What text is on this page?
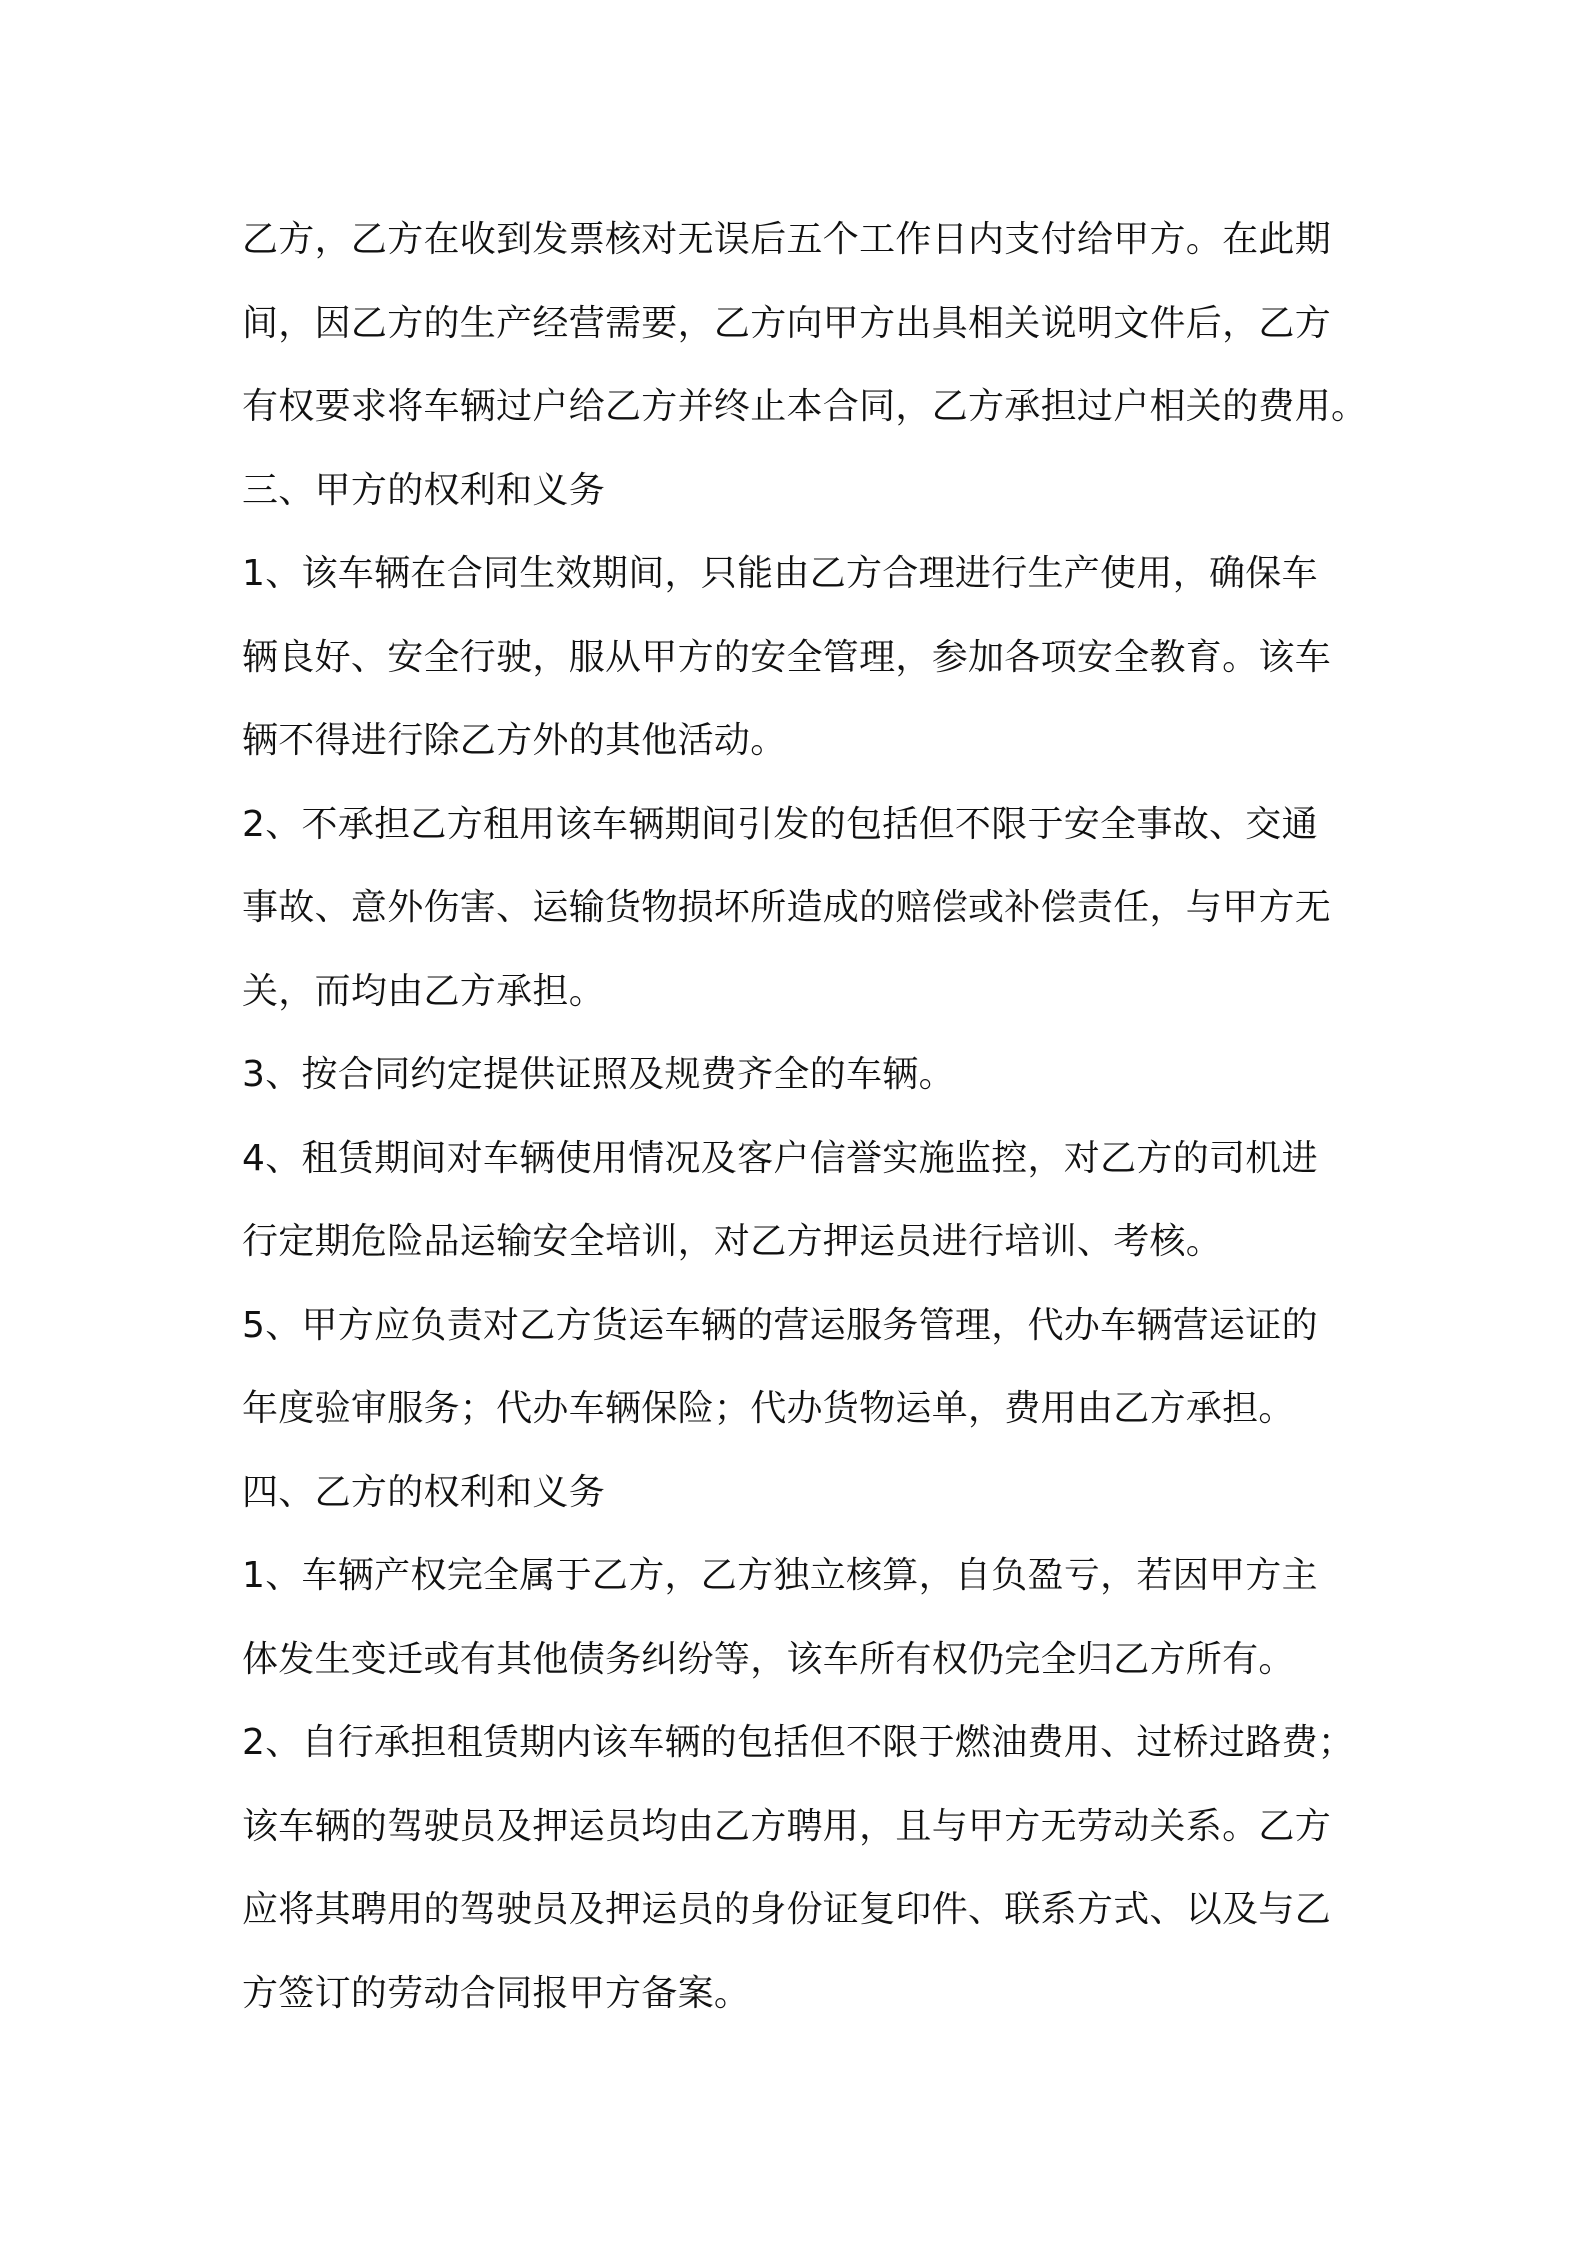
乙方，乙方在收到发票核对无误后五个工作日内支付给甲方。在此期
间，因乙方的生产经营需要，乙方向甲方出具相关说明文件后，乙方
有权要求将车辆过户给乙方并终止本合同，乙方承担过户相关的费用。
三、甲方的权利和义务
1、该车辆在合同生效期间，只能由乙方合理进行生产使用，确保车
辆良好、安全行驶，服从甲方的安全管理，参加各项安全教育。该车
辆不得进行除乙方外的其他活动。
2、不承担乙方租用该车辆期间引发的包括但不限于安全事故、交通
事故、意外伤害、运输货物损坏所造成的赔偿或补偿责任，与甲方无
关，而均由乙方承担。
3、按合同约定提供证照及规费齐全的车辆。
4、租赁期间对车辆使用情况及客户信誉实施监控，对乙方的司机进
行定期危险品运输安全培训，对乙方押运员进行培训、考核。
5、甲方应负责对乙方货运车辆的营运服务管理，代办车辆营运证的
年度验审服务；代办车辆保险；代办货物运单，费用由乙方承担。
四、乙方的权利和义务
1、车辆产权完全属于乙方，乙方独立核算，自负盈亏，若因甲方主
体发生变迁或有其他债务纠纷等，该车所有权仍完全归乙方所有。
2、自行承担租赁期内该车辆的包括但不限于燃油费用、过桥过路费；
该车辆的驾驶员及押运员均由乙方聘用，且与甲方无劳动关系。乙方
应将其聘用的驾驶员及押运员的身份证复印件、联系方式、以及与乙
方签订的劳动合同报甲方备案。
